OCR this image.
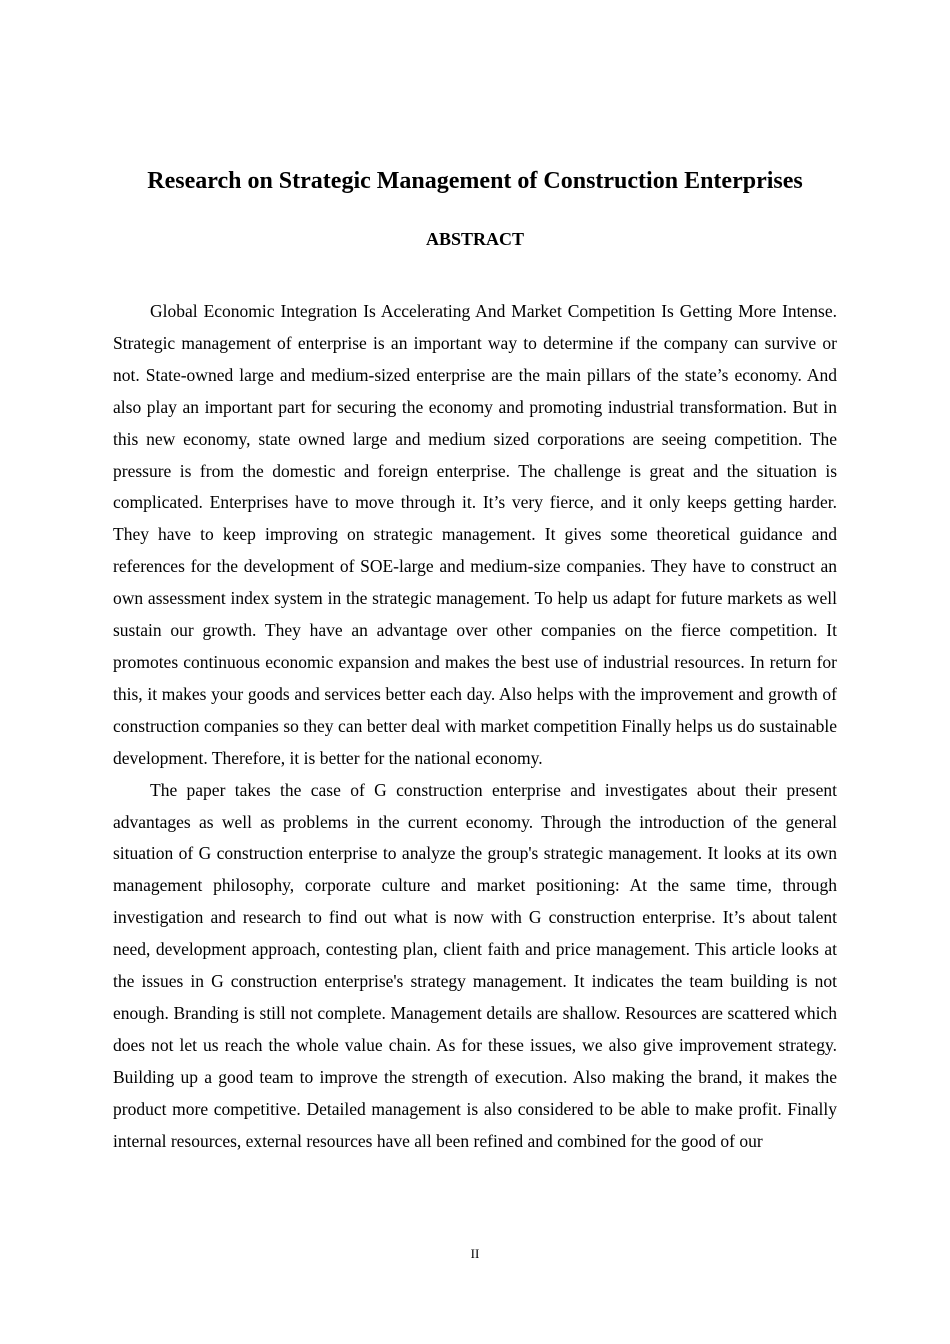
Research on Strategic Management of Construction Enterprises
ABSTRACT

Global Economic Integration Is Accelerating And Market Competition Is Getting More Intense. Strategic management of enterprise is an important way to determine if the company can survive or not. State-owned large and medium-sized enterprise are the main pillars of the state’s economy. And also play an important part for securing the economy and promoting industrial transformation. But in this new economy, state owned large and medium sized corporations are seeing competition. The pressure is from the domestic and foreign enterprise. The challenge is great and the situation is complicated. Enterprises have to move through it. It’s very fierce, and it only keeps getting harder. They have to keep improving on strategic management. It gives some theoretical guidance and references for the development of SOE-large and medium-size companies. They have to construct an own assessment index system in the strategic management. To help us adapt for future markets as well sustain our growth. They have an advantage over other companies on the fierce competition. It promotes continuous economic expansion and makes the best use of industrial resources. In return for this, it makes your goods and services better each day. Also helps with the improvement and growth of construction companies so they can better deal with market competition Finally helps us do sustainable development. Therefore, it is better for the national economy.

The paper takes the case of G construction enterprise and investigates about their present advantages as well as problems in the current economy. Through the introduction of the general situation of G construction enterprise to analyze the group's strategic management. It looks at its own management philosophy, corporate culture and market positioning: At the same time, through investigation and research to find out what is now with G construction enterprise. It’s about talent need, development approach, contesting plan, client faith and price management. This article looks at the issues in G construction enterprise's strategy management. It indicates the team building is not enough. Branding is still not complete. Management details are shallow. Resources are scattered which does not let us reach the whole value chain. As for these issues, we also give improvement strategy. Building up a good team to improve the strength of execution. Also making the brand, it makes the product more competitive. Detailed management is also considered to be able to make profit. Finally internal resources, external resources have all been refined and combined for the good of our

II
